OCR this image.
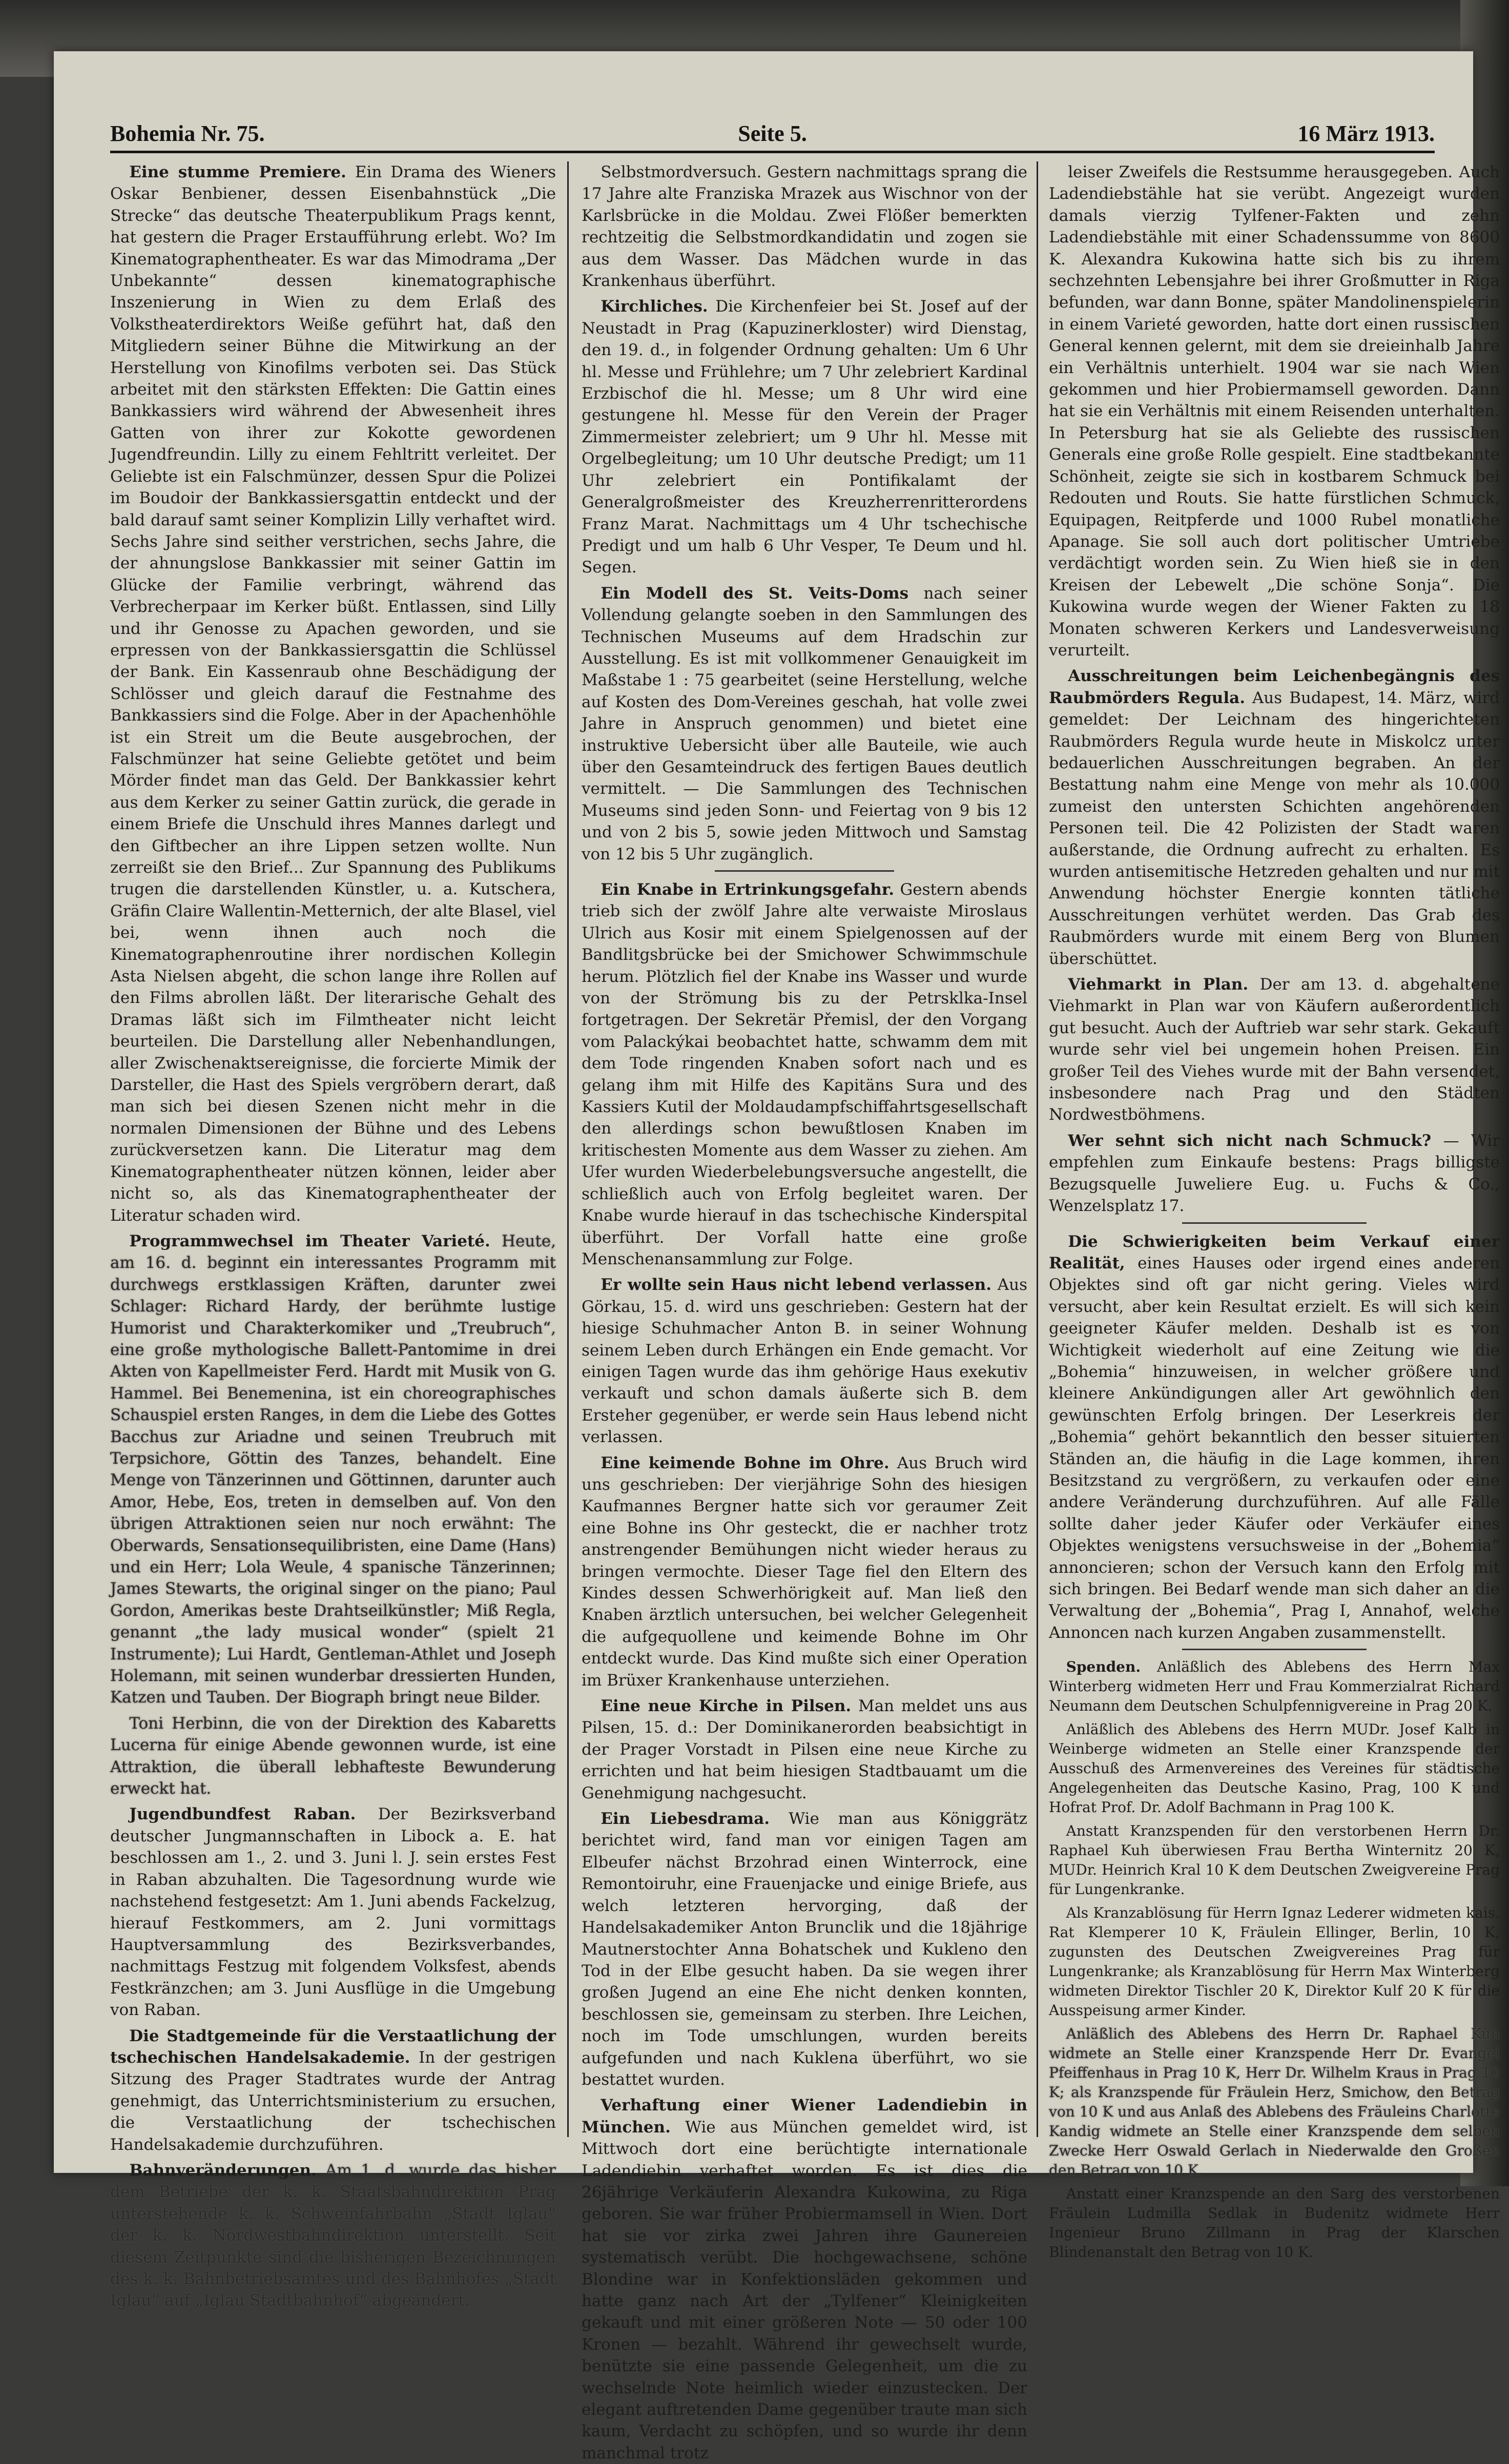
Bohemia Nr. 75.	Seite 5.	16 März 1913.

Eine stumme Premiere. Ein Drama des Wieners Oskar Benbiener, dessen Eisenbahnstück „Die Strecke“ das deutsche Theaterpublikum Prags kennt, hat gestern die Prager Erstaufführung erlebt. Wo? Im Kinematographentheater. Es war das Mimodrama „Der Unbekannte“ dessen kinematographische Inszenierung in Wien zu dem Erlaß des Volkstheaterdirektors Weiße geführt hat, daß den Mitgliedern seiner Bühne die Mitwirkung an der Herstellung von Kinofilms verboten sei. Das Stück arbeitet mit den stärksten Effekten: Die Gattin eines Bankkassiers wird während der Abwesenheit ihres Gatten von ihrer zur Kokotte gewordenen Jugendfreundin. Lilly zu einem Fehltritt verleitet. Der Geliebte ist ein Falschmünzer, dessen Spur die Polizei im Boudoir der Bankkassiersgattin entdeckt und der bald darauf samt seiner Komplizin Lilly verhaftet wird. Sechs Jahre sind seither verstrichen, sechs Jahre, die der ahnungslose Bankkassier mit seiner Gattin im Glücke der Familie verbringt, während das Verbrecherpaar im Kerker büßt. Entlassen, sind Lilly und ihr Genosse zu Apachen geworden, und sie erpressen von der Bankkassiersgattin die Schlüssel der Bank. Ein Kassenraub ohne Beschädigung der Schlösser und gleich darauf die Festnahme des Bankkassiers sind die Folge. Aber in der Apachenhöhle ist ein Streit um die Beute ausgebrochen, der Falschmünzer hat seine Geliebte getötet und beim Mörder findet man das Geld. Der Bankkassier kehrt aus dem Kerker zu seiner Gattin zurück, die gerade in einem Briefe die Unschuld ihres Mannes darlegt und den Giftbecher an ihre Lippen setzen wollte. Nun zerreißt sie den Brief... Zur Spannung des Publikums trugen die darstellenden Künstler, u. a. Kutschera, Gräfin Claire Wallentin-Metternich, der alte Blasel, viel bei, wenn ihnen auch noch die Kinematographenroutine ihrer nordischen Kollegin Asta Nielsen abgeht, die schon lange ihre Rollen auf den Films abrollen läßt. Der literarische Gehalt des Dramas läßt sich im Filmtheater nicht leicht beurteilen. Die Darstellung aller Nebenhandlungen, aller Zwischenaktsereignisse, die forcierte Mimik der Darsteller, die Hast des Spiels vergröbern derart, daß man sich bei diesen Szenen nicht mehr in die normalen Dimensionen der Bühne und des Lebens zurückversetzen kann. Die Literatur mag dem Kinematographentheater nützen können, leider aber nicht so, als das Kinematographentheater der Literatur schaden wird.

Programmwechsel im Theater Varieté. Heute, am 16. d. beginnt ein interessantes Programm mit durchwegs erstklassigen Kräften, darunter zwei Schlager: Richard Hardy, der berühmte lustige Humorist und Charakterkomiker und „Treubruch“, eine große mythologische Ballett-Pantomime in drei Akten von Kapellmeister Ferd. Hardt mit Musik von G. Hammel. Bei Benemenina, ist ein choreographisches Schauspiel ersten Ranges, in dem die Liebe des Gottes Bacchus zur Ariadne und seinen Treubruch mit Terpsichore, Göttin des Tanzes, behandelt. Eine Menge von Tänzerinnen und Göttinnen, darunter auch Amor, Hebe, Eos, treten in demselben auf. Von den übrigen Attraktionen seien nur noch erwähnt: The Oberwards, Sensationsequilibristen, eine Dame (Hans) und ein Herr; Lola Weule, 4 spanische Tänzerinnen; James Stewarts, the original singer on the piano; Paul Gordon, Amerikas beste Drahtseilkünstler; Miß Regla, genannt „the lady musical wonder“ (spielt 21 Instrumente); Lui Hardt, Gentleman-Athlet und Joseph Holemann, mit seinen wunderbar dressierten Hunden, Katzen und Tauben. Der Biograph bringt neue Bilder.

Toni Herbinn, die von der Direktion des Kabaretts Lucerna für einige Abende gewonnen wurde, ist eine Attraktion, die überall lebhafteste Bewunderung erweckt hat.

Jugendbundfest Raban. Der Bezirksverband deutscher Jungmannschaften in Libock a. E. hat beschlossen am 1., 2. und 3. Juni l. J. sein erstes Fest in Raban abzuhalten. Die Tagesordnung wurde wie nachstehend festgesetzt: Am 1. Juni abends Fackelzug, hierauf Festkommers, am 2. Juni vormittags Hauptversammlung des Bezirksverbandes, nachmittags Festzug mit folgendem Volksfest, abends Festkränzchen; am 3. Juni Ausflüge in die Umgebung von Raban.

Die Stadtgemeinde für die Verstaatlichung der tschechischen Handelsakademie. In der gestrigen Sitzung des Prager Stadtrates wurde der Antrag genehmigt, das Unterrichtsministerium zu ersuchen, die Verstaatlichung der tschechischen Handelsakademie durchzuführen.

Bahnveränderungen. Am 1. d. wurde das bisher dem Betriebe der k. k. Staatsbahndirektion Prag unterstehende k. k. Schweinfahrbahn „Stadt Iglau“ der k. k. Nordwestbahndirektion unterstellt. Seit diesem Zeitpunkte sind die bisherigen Bezeichnungen des k. k. Bahnbetriebsamtes und des Bahnhofes „Stadt Iglau“ auf „Iglau Stadtbahnhof“ abgeändert.

Selbstmordversuch. Gestern nachmittags sprang die 17 Jahre alte Franziska Mrazek aus Wischnor von der Karlsbrücke in die Moldau. Zwei Flößer bemerkten rechtzeitig die Selbstmordkandidatin und zogen sie aus dem Wasser. Das Mädchen wurde in das Krankenhaus überführt.

Kirchliches. Die Kirchenfeier bei St. Josef auf der Neustadt in Prag (Kapuzinerkloster) wird Dienstag, den 19. d., in folgender Ordnung gehalten: Um 6 Uhr hl. Messe und Frühlehre; um 7 Uhr zelebriert Kardinal Erzbischof die hl. Messe; um 8 Uhr wird eine gestungene hl. Messe für den Verein der Prager Zimmermeister zelebriert; um 9 Uhr hl. Messe mit Orgelbegleitung; um 10 Uhr deutsche Predigt; um 11 Uhr zelebriert ein Pontifikalamt der Generalgroßmeister des Kreuzherrenritterordens Franz Marat. Nachmittags um 4 Uhr tschechische Predigt und um halb 6 Uhr Vesper, Te Deum und hl. Segen.

Ein Modell des St. Veits-Doms nach seiner Vollendung gelangte soeben in den Sammlungen des Technischen Museums auf dem Hradschin zur Ausstellung. Es ist mit vollkommener Genauigkeit im Maßstabe 1 : 75 gearbeitet (seine Herstellung, welche auf Kosten des Dom-Vereines geschah, hat volle zwei Jahre in Anspruch genommen) und bietet eine instruktive Uebersicht über alle Bauteile, wie auch über den Gesamteindruck des fertigen Baues deutlich vermittelt. — Die Sammlungen des Technischen Museums sind jeden Sonn- und Feiertag von 9 bis 12 und von 2 bis 5, sowie jeden Mittwoch und Samstag von 12 bis 5 Uhr zugänglich.

Ein Knabe in Ertrinkungsgefahr. Gestern abends trieb sich der zwölf Jahre alte verwaiste Miroslaus Ulrich aus Kosir mit einem Spielgenossen auf der Bandlitgsbrücke bei der Smichower Schwimmschule herum. Plötzlich fiel der Knabe ins Wasser und wurde von der Strömung bis zu der Petrsklka-Insel fortgetragen. Der Sekretär Přemisl, der den Vorgang vom Palackýkai beobachtet hatte, schwamm dem mit dem Tode ringenden Knaben sofort nach und es gelang ihm mit Hilfe des Kapitäns Sura und des Kassiers Kutil der Moldaudampfschiffahrtsgesellschaft den allerdings schon bewußtlosen Knaben im kritischesten Momente aus dem Wasser zu ziehen. Am Ufer wurden Wiederbelebungsversuche angestellt, die schließlich auch von Erfolg begleitet waren. Der Knabe wurde hierauf in das tschechische Kinderspital überführt. Der Vorfall hatte eine große Menschenansammlung zur Folge.

Er wollte sein Haus nicht lebend verlassen. Aus Görkau, 15. d. wird uns geschrieben: Gestern hat der hiesige Schuhmacher Anton B. in seiner Wohnung seinem Leben durch Erhängen ein Ende gemacht. Vor einigen Tagen wurde das ihm gehörige Haus exekutiv verkauft und schon damals äußerte sich B. dem Ersteher gegenüber, er werde sein Haus lebend nicht verlassen.

Eine keimende Bohne im Ohre. Aus Bruch wird uns geschrieben: Der vierjährige Sohn des hiesigen Kaufmannes Bergner hatte sich vor geraumer Zeit eine Bohne ins Ohr gesteckt, die er nachher trotz anstrengender Bemühungen nicht wieder heraus zu bringen vermochte. Dieser Tage fiel den Eltern des Kindes dessen Schwerhörigkeit auf. Man ließ den Knaben ärztlich untersuchen, bei welcher Gelegenheit die aufgequollene und keimende Bohne im Ohr entdeckt wurde. Das Kind mußte sich einer Operation im Brüxer Krankenhause unterziehen.

Eine neue Kirche in Pilsen. Man meldet uns aus Pilsen, 15. d.: Der Dominikanerorden beabsichtigt in der Prager Vorstadt in Pilsen eine neue Kirche zu errichten und hat beim hiesigen Stadtbauamt um die Genehmigung nachgesucht.

Ein Liebesdrama. Wie man aus Königgrätz berichtet wird, fand man vor einigen Tagen am Elbeufer nächst Brzohrad einen Winterrock, eine Remontoiruhr, eine Frauenjacke und einige Briefe, aus welch letzteren hervorging, daß der Handelsakademiker Anton Brunclik und die 18jährige Mautnerstochter Anna Bohatschek und Kukleno den Tod in der Elbe gesucht haben. Da sie wegen ihrer großen Jugend an eine Ehe nicht denken konnten, beschlossen sie, gemeinsam zu sterben. Ihre Leichen, noch im Tode umschlungen, wurden bereits aufgefunden und nach Kuklena überführt, wo sie bestattet wurden.

Verhaftung einer Wiener Ladendiebin in München. Wie aus München gemeldet wird, ist Mittwoch dort eine berüchtigte internationale Ladendiebin verhaftet worden. Es ist dies die 26jährige Verkäuferin Alexandra Kukowina, zu Riga geboren. Sie war früher Probiermamsell in Wien. Dort hat sie vor zirka zwei Jahren ihre Gaunereien systematisch verübt. Die hochgewachsene, schöne Blondine war in Konfektionsläden gekommen und hatte ganz nach Art der „Tylfener“ Kleinigkeiten gekauft und mit einer größeren Note — 50 oder 100 Kronen — bezahlt. Während ihr gewechselt wurde, benützte sie eine passende Gelegenheit, um die zu wechselnde Note heimlich wieder einzustecken. Der elegant auftretenden Dame gegenüber traute man sich kaum, Verdacht zu schöpfen, und so wurde ihr denn manchmal trotz

leiser Zweifels die Restsumme herausgegeben. Auch Ladendiebstähle hat sie verübt. Angezeigt wurden damals vierzig Tylfener-Fakten und zehn Ladendiebstähle mit einer Schadenssumme von 8600 K. Alexandra Kukowina hatte sich bis zu ihrem sechzehnten Lebensjahre bei ihrer Großmutter in Riga befunden, war dann Bonne, später Mandolinenspielerin in einem Varieté geworden, hatte dort einen russischen General kennen gelernt, mit dem sie dreieinhalb Jahre ein Verhältnis unterhielt. 1904 war sie nach Wien gekommen und hier Probiermamsell geworden. Dann hat sie ein Verhältnis mit einem Reisenden unterhalten. In Petersburg hat sie als Geliebte des russischen Generals eine große Rolle gespielt. Eine stadtbekannte Schönheit, zeigte sie sich in kostbarem Schmuck bei Redouten und Routs. Sie hatte fürstlichen Schmuck, Equipagen, Reitpferde und 1000 Rubel monatliche Apanage. Sie soll auch dort politischer Umtriebe verdächtigt worden sein. Zu Wien hieß sie in den Kreisen der Lebewelt „Die schöne Sonja“. Die Kukowina wurde wegen der Wiener Fakten zu 18 Monaten schweren Kerkers und Landesverweisung verurteilt.

Ausschreitungen beim Leichenbegängnis des Raubmörders Regula. Aus Budapest, 14. März, wird gemeldet: Der Leichnam des hingerichteten Raubmörders Regula wurde heute in Miskolcz unter bedauerlichen Ausschreitungen begraben. An der Bestattung nahm eine Menge von mehr als 10.000 zumeist den untersten Schichten angehörenden Personen teil. Die 42 Polizisten der Stadt waren außerstande, die Ordnung aufrecht zu erhalten. Es wurden antisemitische Hetzreden gehalten und nur mit Anwendung höchster Energie konnten tätliche Ausschreitungen verhütet werden. Das Grab des Raubmörders wurde mit einem Berg von Blumen überschüttet.

Viehmarkt in Plan. Der am 13. d. abgehaltene Viehmarkt in Plan war von Käufern außerordentlich gut besucht. Auch der Auftrieb war sehr stark. Gekauft wurde sehr viel bei ungemein hohen Preisen. Ein großer Teil des Viehes wurde mit der Bahn versendet, insbesondere nach Prag und den Städten Nordwestböhmens.

Wer sehnt sich nicht nach Schmuck? — Wir empfehlen zum Einkaufe bestens: Prags billigste Bezugsquelle Juweliere Eug. u. Fuchs & Co., Wenzelsplatz 17.

Die Schwierigkeiten beim Verkauf einer Realität, eines Hauses oder irgend eines anderen Objektes sind oft gar nicht gering. Vieles wird versucht, aber kein Resultat erzielt. Es will sich kein geeigneter Käufer melden. Deshalb ist es von Wichtigkeit wiederholt auf eine Zeitung wie die „Bohemia“ hinzuweisen, in welcher größere und kleinere Ankündigungen aller Art gewöhnlich den gewünschten Erfolg bringen. Der Leserkreis der „Bohemia“ gehört bekanntlich den besser situierten Ständen an, die häufig in die Lage kommen, ihren Besitzstand zu vergrößern, zu verkaufen oder eine andere Veränderung durchzuführen. Auf alle Fälle sollte daher jeder Käufer oder Verkäufer eines Objektes wenigstens versuchsweise in der „Bohemia“ annoncieren; schon der Versuch kann den Erfolg mit sich bringen. Bei Bedarf wende man sich daher an die Verwaltung der „Bohemia“, Prag I, Annahof, welche Annoncen nach kurzen Angaben zusammenstellt.

Spenden. Anläßlich des Ablebens des Herrn Max Winterberg widmeten Herr und Frau Kommerzialrat Richard Neumann dem Deutschen Schulpfennigvereine in Prag 20 K.

Anläßlich des Ablebens des Herrn MUDr. Josef Kalb in Weinberge widmeten an Stelle einer Kranzspende der Ausschuß des Armenvereines des Vereines für städtische Angelegenheiten das Deutsche Kasino, Prag, 100 K und Hofrat Prof. Dr. Adolf Bachmann in Prag 100 K.

Anstatt Kranzspenden für den verstorbenen Herrn Dr. Raphael Kuh überwiesen Frau Bertha Winternitz 20 K, MUDr. Heinrich Kral 10 K dem Deutschen Zweigvereine Prag für Lungenkranke.

Als Kranzablösung für Herrn Ignaz Lederer widmeten kais. Rat Klemperer 10 K, Fräulein Ellinger, Berlin, 10 K, zugunsten des Deutschen Zweigvereines Prag für Lungenkranke; als Kranzablösung für Herrn Max Winterberg widmeten Direktor Tischler 20 K, Direktor Kulf 20 K für die Ausspeisung armer Kinder.

Anläßlich des Ablebens des Herrn Dr. Raphael Kuh widmete an Stelle einer Kranzspende Herr Dr. Evangel Pfeiffenhaus in Prag 10 K, Herr Dr. Wilhelm Kraus in Prag 10 K; als Kranzspende für Fräulein Herz, Smichow, den Betrag von 10 K und aus Anlaß des Ablebens des Fräuleins Charlotte Kandig widmete an Stelle einer Kranzspende dem selben Zwecke Herr Oswald Gerlach in Niederwalde den Großen den Betrag von 10 K.

Anstatt einer Kranzspende an den Sarg des verstorbenen Fräulein Ludmilla Sedlak in Budenitz widmete Herr Ingenieur Bruno Zillmann in Prag der Klarschen Blindenanstalt den Betrag von 10 K.
